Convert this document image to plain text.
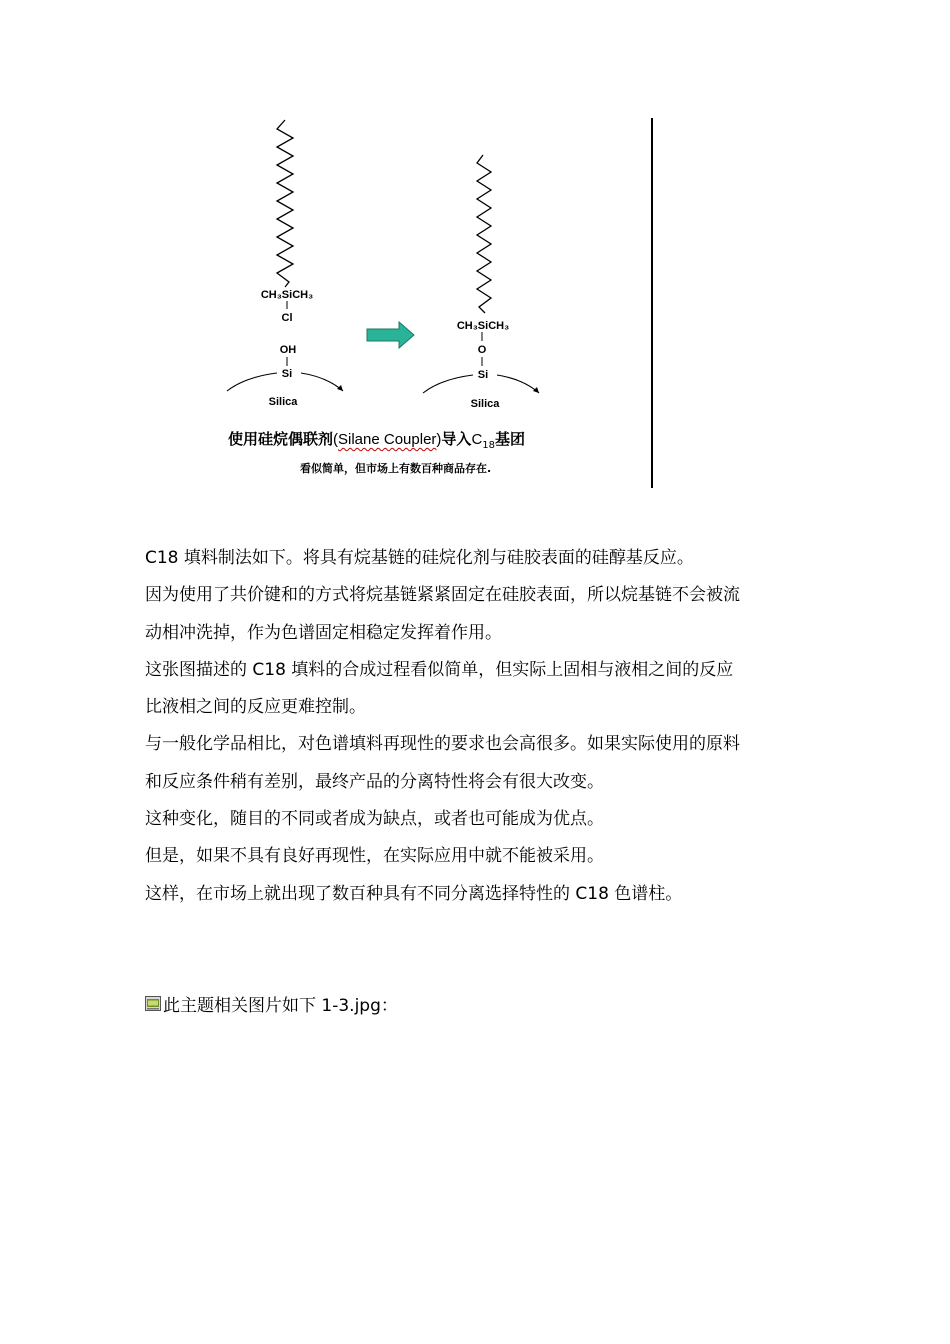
CH₃SiCH₃
Cl
OH
Si
Silica
CH₃SiCH₃
O
Si
Silica
使用硅烷偶联剂(Silane Coupler)导入$C_{18}$基团
看似简单，但市场上有数百种商品存在.

C18 填料制法如下。将具有烷基链的硅烷化剂与硅胶表面的硅醇基反应。

因为使用了共价键和的方式将烷基链紧紧固定在硅胶表面，所以烷基链不会被流

动相冲洗掉，作为色谱固定相稳定发挥着作用。

这张图描述的 C18 填料的合成过程看似简单，但实际上固相与液相之间的反应

比液相之间的反应更难控制。

与一般化学品相比，对色谱填料再现性的要求也会高很多。如果实际使用的原料

和反应条件稍有差别，最终产品的分离特性将会有很大改变。

这种变化，随目的不同或者成为缺点，或者也可能成为优点。

但是，如果不具有良好再现性，在实际应用中就不能被采用。

这样，在市场上就出现了数百种具有不同分离选择特性的 C18 色谱柱。

此主题相关图片如下 1-3.jpg：
